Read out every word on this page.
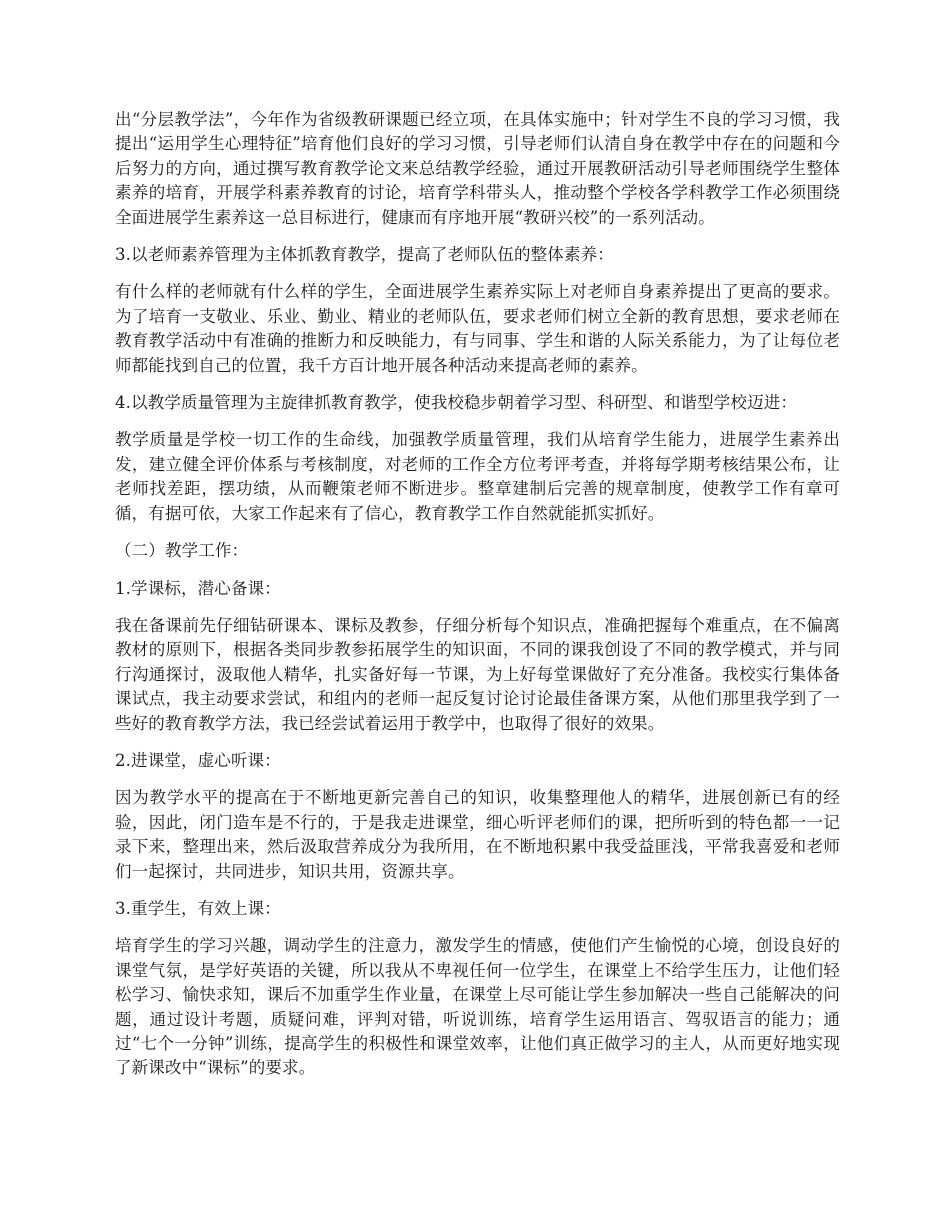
出“分层教学法”，今年作为省级教研课题已经立项，在具体实施中；针对学生不良的学习习惯，我提出“运用学生心理特征”培育他们良好的学习习惯，引导老师们认清自身在教学中存在的问题和今后努力的方向，通过撰写教育教学论文来总结教学经验，通过开展教研活动引导老师围绕学生整体素养的培育，开展学科素养教育的讨论，培育学科带头人，推动整个学校各学科教学工作必须围绕全面进展学生素养这一总目标进行，健康而有序地开展“教研兴校”的一系列活动。

3.以老师素养管理为主体抓教育教学，提高了老师队伍的整体素养：

有什么样的老师就有什么样的学生，全面进展学生素养实际上对老师自身素养提出了更高的要求。为了培育一支敬业、乐业、勤业、精业的老师队伍，要求老师们树立全新的教育思想，要求老师在教育教学活动中有准确的推断力和反映能力，有与同事、学生和谐的人际关系能力，为了让每位老师都能找到自己的位置，我千方百计地开展各种活动来提高老师的素养。

4.以教学质量管理为主旋律抓教育教学，使我校稳步朝着学习型、科研型、和谐型学校迈进：

教学质量是学校一切工作的生命线，加强教学质量管理，我们从培育学生能力，进展学生素养出发，建立健全评价体系与考核制度，对老师的工作全方位考评考查，并将每学期考核结果公布，让老师找差距，摆功绩，从而鞭策老师不断进步。整章建制后完善的规章制度，使教学工作有章可循，有据可依，大家工作起来有了信心，教育教学工作自然就能抓实抓好。

（二）教学工作：

1.学课标，潜心备课：

我在备课前先仔细钻研课本、课标及教参，仔细分析每个知识点，准确把握每个难重点，在不偏离教材的原则下，根据各类同步教参拓展学生的知识面，不同的课我创设了不同的教学模式，并与同行沟通探讨，汲取他人精华，扎实备好每一节课，为上好每堂课做好了充分准备。我校实行集体备课试点，我主动要求尝试，和组内的老师一起反复讨论讨论最佳备课方案，从他们那里我学到了一些好的教育教学方法，我已经尝试着运用于教学中，也取得了很好的效果。

2.进课堂，虚心听课：

因为教学水平的提高在于不断地更新完善自己的知识，收集整理他人的精华，进展创新已有的经验，因此，闭门造车是不行的，于是我走进课堂，细心听评老师们的课，把所听到的特色都一一记录下来，整理出来，然后汲取营养成分为我所用，在不断地积累中我受益匪浅，平常我喜爱和老师们一起探讨，共同进步，知识共用，资源共享。

3.重学生，有效上课：

培育学生的学习兴趣，调动学生的注意力，激发学生的情感，使他们产生愉悦的心境，创设良好的课堂气氛，是学好英语的关键，所以我从不卑视任何一位学生，在课堂上不给学生压力，让他们轻松学习、愉快求知，课后不加重学生作业量，在课堂上尽可能让学生参加解决一些自己能解决的问题，通过设计考题，质疑问难，评判对错，听说训练，培育学生运用语言、驾驭语言的能力；通过“七个一分钟”训练，提高学生的积极性和课堂效率，让他们真正做学习的主人，从而更好地实现了新课改中“课标”的要求。
